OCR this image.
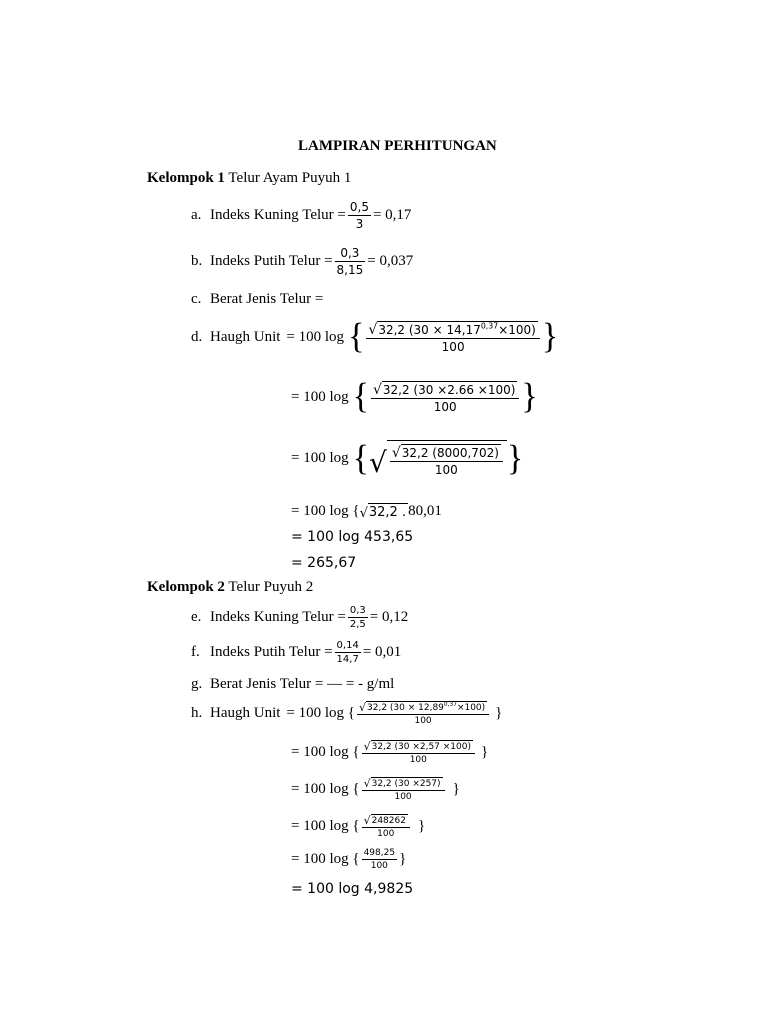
LAMPIRAN PERHITUNGAN
Kelompok 1 Telur Ayam Puyuh 1
a. Indeks Kuning Telur = $\frac{0,5}{3} = 0,17$
b. Indeks Putih Telur = $\frac{0,3}{8,15} = 0,037$
c. Berat Jenis Telur =
d. Haugh Unit = 100 log { $\frac{√ 32,2 (30 \times 14,17^{0,37}\times 100)}{100}$ }
= 100 log { $\frac{√ 32,2 (30 \times 2.66 \times 100)}{100}$ }
= 100 log { √ $\frac{√ 32,2 (8000,702)}{100}$ }
= 100 log { √ 32,2 . 80,01
= 100 log 453,65
= 265,67
Kelompok 2 Telur Puyuh 2
e. Indeks Kuning Telur = $\frac{0,3}{2,5} = 0,12$
f. Indeks Putih Telur = $\frac{0,14}{14,7} = 0,01$
g. Berat Jenis Telur = — = - g/ml
h. Haugh Unit = 100 log { $\frac{√ 32,2 (30 \times 12,89^{0,37}\times 100)}{100}$ }
= 100 log { $\frac{√ 32,2 (30 \times 2,57 \times 100)}{100}$ }
= 100 log { $\frac{√ 32,2 (30 \times 257)}{100}$ }
= 100 log { $\frac{√ 248262}{100}$ }
= 100 log { $\frac{498,25}{100}$ }
= 100 log 4,9825
